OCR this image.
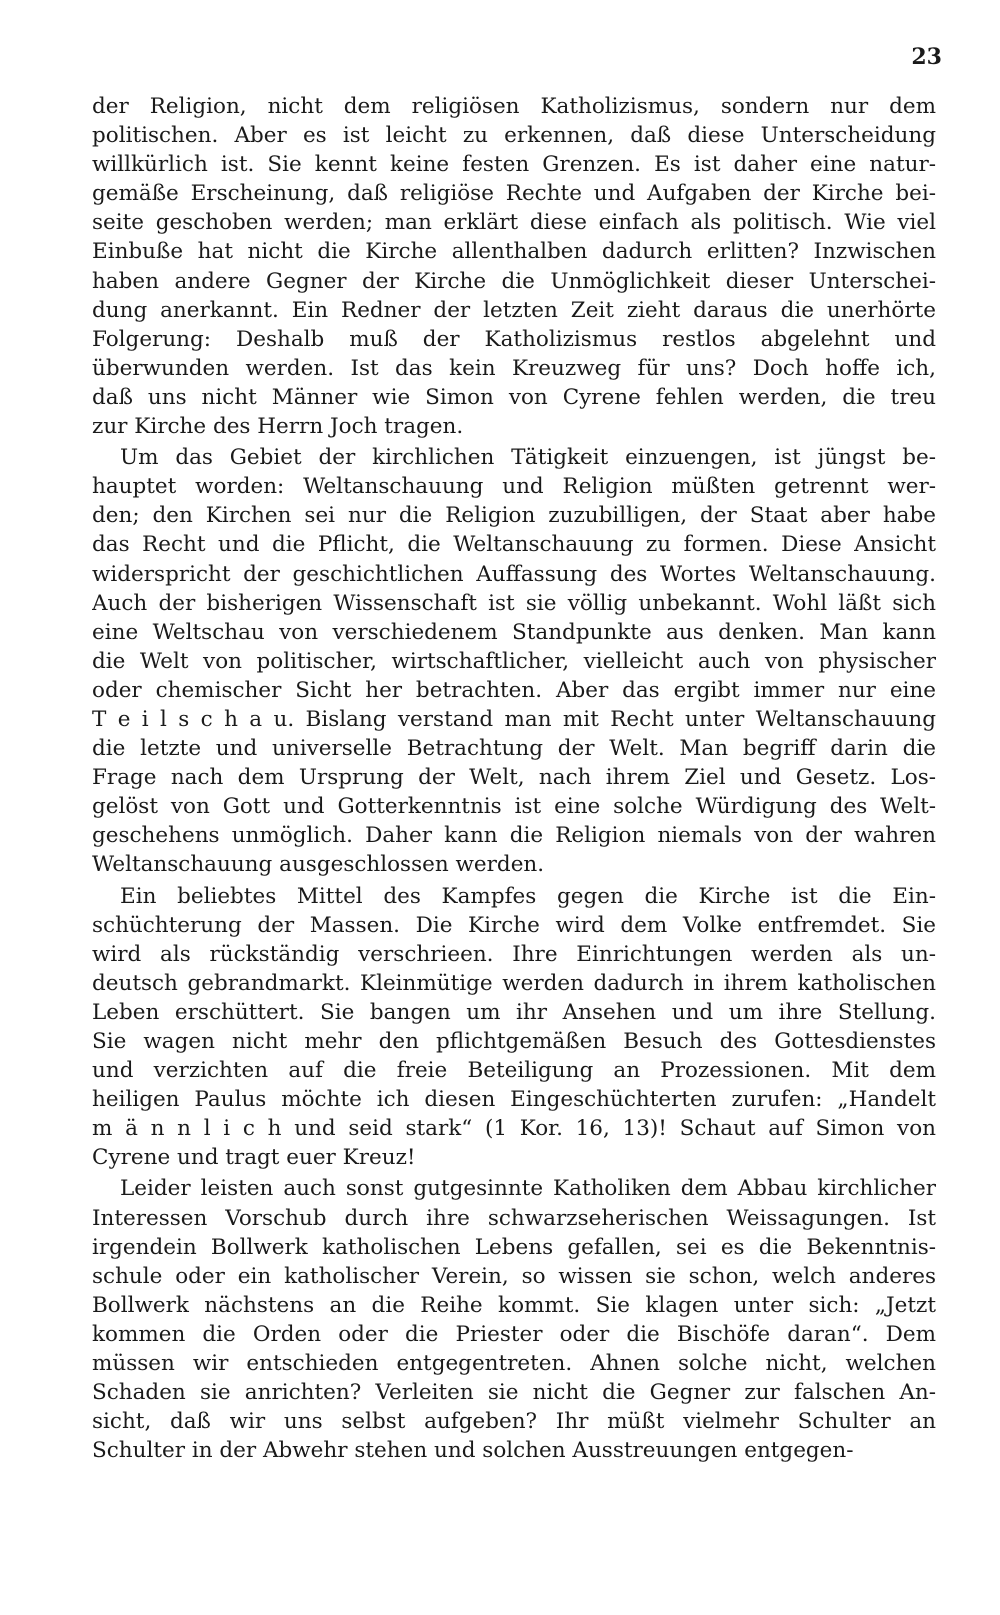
23

der Religion, nicht dem religiösen Katholizismus, sondern nur dem
politischen. Aber es ist leicht zu erkennen, daß diese Unterscheidung
willkürlich ist. Sie kennt keine festen Grenzen. Es ist daher eine natur-
gemäße Erscheinung, daß religiöse Rechte und Aufgaben der Kirche bei-
seite geschoben werden; man erklärt diese einfach als politisch. Wie viel
Einbuße hat nicht die Kirche allenthalben dadurch erlitten? Inzwischen
haben andere Gegner der Kirche die Unmöglichkeit dieser Unterschei-
dung anerkannt. Ein Redner der letzten Zeit zieht daraus die unerhörte
Folgerung: Deshalb muß der Katholizismus restlos abgelehnt und
überwunden werden. Ist das kein Kreuzweg für uns? Doch hoffe ich,
daß uns nicht Männer wie Simon von Cyrene fehlen werden, die treu
zur Kirche des Herrn Joch tragen.

Um das Gebiet der kirchlichen Tätigkeit einzuengen, ist jüngst be-
hauptet worden: Weltanschauung und Religion müßten getrennt wer-
den; den Kirchen sei nur die Religion zuzubilligen, der Staat aber habe
das Recht und die Pflicht, die Weltanschauung zu formen. Diese Ansicht
widerspricht der geschichtlichen Auffassung des Wortes Weltanschauung.
Auch der bisherigen Wissenschaft ist sie völlig unbekannt. Wohl läßt sich
eine Weltschau von verschiedenem Standpunkte aus denken. Man kann
die Welt von politischer, wirtschaftlicher, vielleicht auch von physischer
oder chemischer Sicht her betrachten. Aber das ergibt immer nur eine
T e i l s c h a u. Bislang verstand man mit Recht unter Weltanschauung
die letzte und universelle Betrachtung der Welt. Man begriff darin die
Frage nach dem Ursprung der Welt, nach ihrem Ziel und Gesetz. Los-
gelöst von Gott und Gotterkenntnis ist eine solche Würdigung des Welt-
geschehens unmöglich. Daher kann die Religion niemals von der wahren
Weltanschauung ausgeschlossen werden.

Ein beliebtes Mittel des Kampfes gegen die Kirche ist die Ein-
schüchterung der Massen. Die Kirche wird dem Volke entfremdet. Sie
wird als rückständig verschrieen. Ihre Einrichtungen werden als un-
deutsch gebrandmarkt. Kleinmütige werden dadurch in ihrem katholischen
Leben erschüttert. Sie bangen um ihr Ansehen und um ihre Stellung.
Sie wagen nicht mehr den pflichtgemäßen Besuch des Gottesdienstes
und verzichten auf die freie Beteiligung an Prozessionen. Mit dem
heiligen Paulus möchte ich diesen Eingeschüchterten zurufen: „Handelt
m ä n n l i c h und seid stark“ (1 Kor. 16, 13)! Schaut auf Simon von
Cyrene und tragt euer Kreuz!

Leider leisten auch sonst gutgesinnte Katholiken dem Abbau kirchlicher
Interessen Vorschub durch ihre schwarzseherischen Weissagungen. Ist
irgendein Bollwerk katholischen Lebens gefallen, sei es die Bekenntnis-
schule oder ein katholischer Verein, so wissen sie schon, welch anderes
Bollwerk nächstens an die Reihe kommt. Sie klagen unter sich: „Jetzt
kommen die Orden oder die Priester oder die Bischöfe daran“. Dem
müssen wir entschieden entgegentreten. Ahnen solche nicht, welchen
Schaden sie anrichten? Verleiten sie nicht die Gegner zur falschen An-
sicht, daß wir uns selbst aufgeben? Ihr müßt vielmehr Schulter an
Schulter in der Abwehr stehen und solchen Ausstreuungen entgegen-
